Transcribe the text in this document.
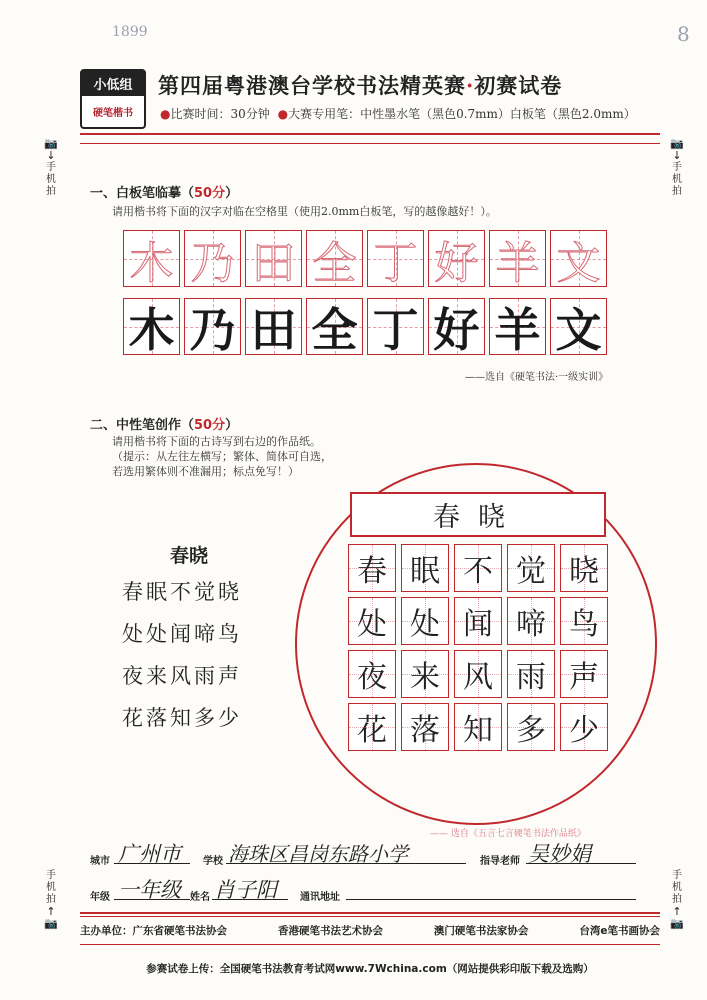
1899	8
小低组
硬笔楷书
第四届粤港澳台学校书法精英赛·初赛试卷
●比赛时间：30分钟 ●大赛专用笔：中性墨水笔（黑色0.7mm）白板笔（黑色2.0mm）
📷↓
手机拍
📷↓
手机拍
手机拍
↑📷
手机拍
↑📷
一、白板笔临摹（50分）
请用楷书将下面的汉字对临在空格里（使用2.0mm白板笔，写的越像越好！）。
木 乃 田 全 丁 好 羊 文
木 乃 田 全 丁 好 羊 文
——选自《硬笔书法·一级实训》
二、中性笔创作（50分）
请用楷书将下面的古诗写到右边的作品纸。
（提示：从左往左横写；繁体、简体可自选，
若选用繁体则不准漏用；标点免写！）
春晓
春眠不觉晓
处处闻啼鸟
夜来风雨声
花落知多少
春晓
春 眠 不 觉 晓
处 处 闻 啼 鸟
夜 来 风 雨 声
花 落 知 多 少
—— 选自《五言七言硬笔书法作品纸》
城市 广州市 学校 海珠区昌岗东路小学	指导老师 吴妙娟
年级 一年级 姓名 肖子阳 通讯地址
主办单位：广东省硬笔书法协会	香港硬笔书法艺术协会	澳门硬笔书法家协会	台湾e笔书画协会
参赛试卷上传：全国硬笔书法教育考试网www.7Wchina.com（网站提供彩印版下载及选购）
